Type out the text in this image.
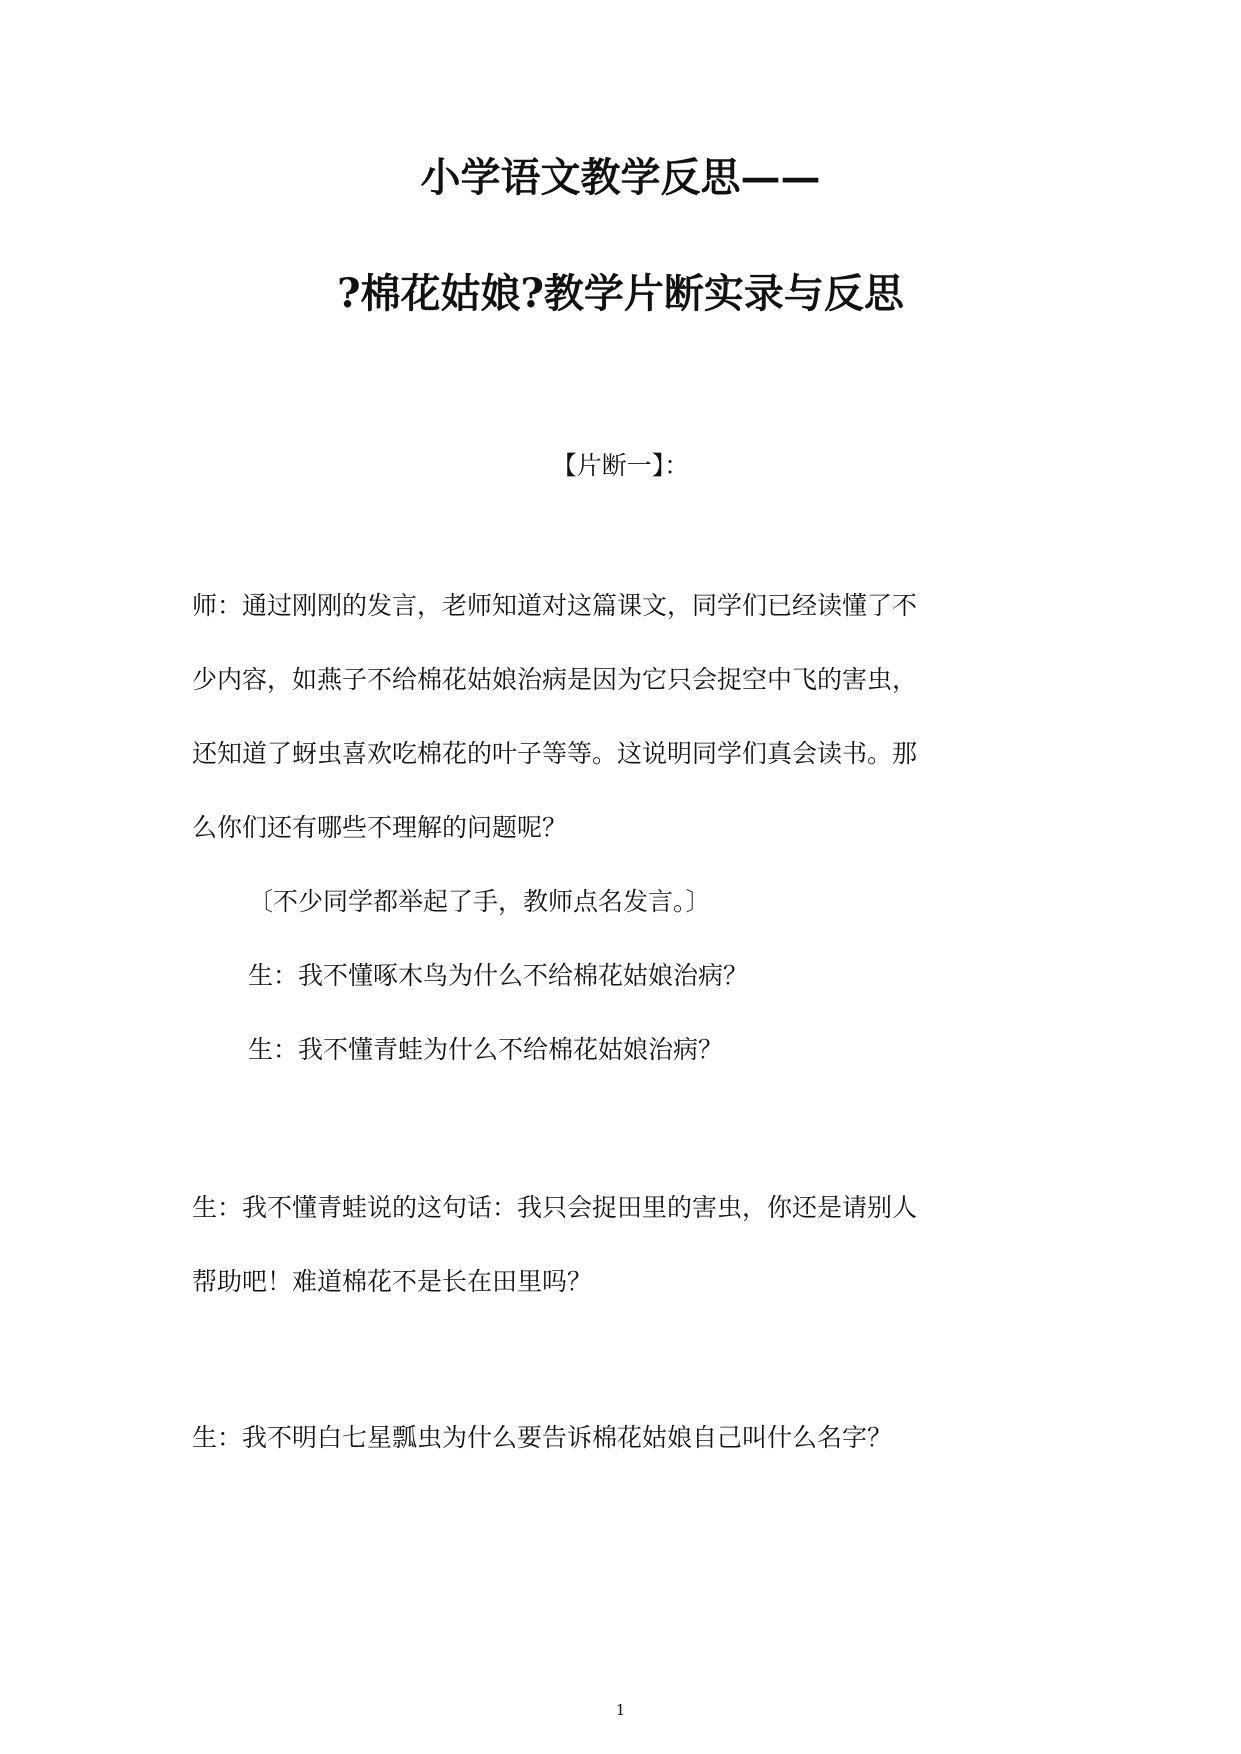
小学语文教学反思——
?棉花姑娘?教学片断实录与反思
【片断一】：
师：通过刚刚的发言，老师知道对这篇课文，同学们已经读懂了不
少内容，如燕子不给棉花姑娘治病是因为它只会捉空中飞的害虫，
还知道了蚜虫喜欢吃棉花的叶子等等。这说明同学们真会读书。那
么你们还有哪些不理解的问题呢？
〔不少同学都举起了手，教师点名发言。〕
生：我不懂啄木鸟为什么不给棉花姑娘治病？
生：我不懂青蛙为什么不给棉花姑娘治病？
生：我不懂青蛙说的这句话：我只会捉田里的害虫，你还是请别人
帮助吧！难道棉花不是长在田里吗？
生：我不明白七星瓢虫为什么要告诉棉花姑娘自己叫什么名字？
1
